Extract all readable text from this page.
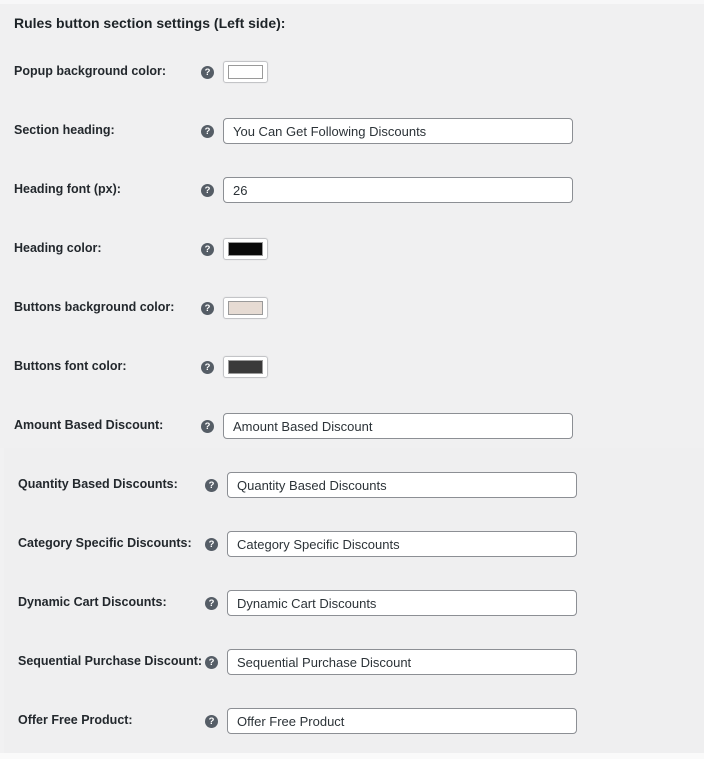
Rules button section settings (Left side):
Popup background color:	?
Section heading:	?
You Can Get Following Discounts
Heading font (px):	?
26
Heading color:	?
Buttons background color:	?
Buttons font color:	?
Amount Based Discount:	?
Amount Based Discount
Quantity Based Discounts:	?
Quantity Based Discounts
Category Specific Discounts:	?
Category Specific Discounts
Dynamic Cart Discounts:	?
Dynamic Cart Discounts
Sequential Purchase Discount: ?
Sequential Purchase Discount
Offer Free Product:	?
Offer Free Product
